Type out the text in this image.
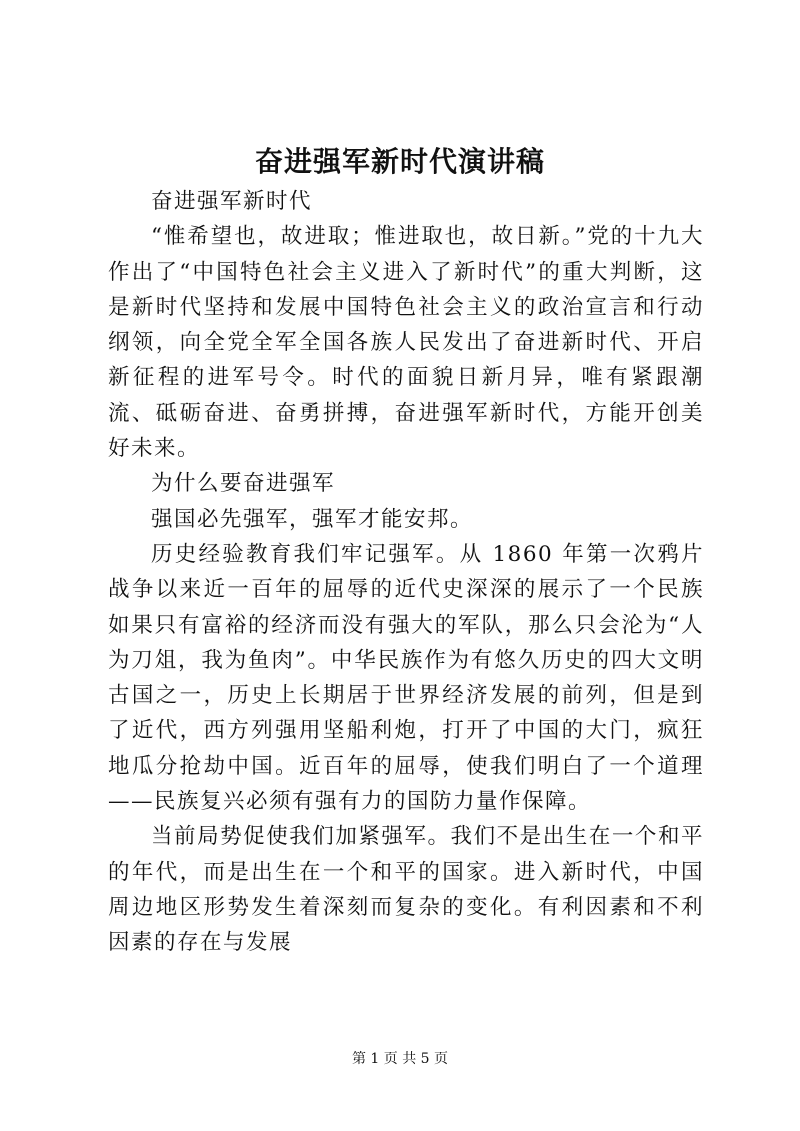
奋进强军新时代演讲稿

奋进强军新时代

“惟希望也，故进取；惟进取也，故日新。”党的十九大作出了“中国特色社会主义进入了新时代”的重大判断，这是新时代坚持和发展中国特色社会主义的政治宣言和行动纲领，向全党全军全国各族人民发出了奋进新时代、开启新征程的进军号令。时代的面貌日新月异，唯有紧跟潮流、砥砺奋进、奋勇拼搏，奋进强军新时代，方能开创美好未来。

为什么要奋进强军

强国必先强军，强军才能安邦。

历史经验教育我们牢记强军。从 1860 年第一次鸦片战争以来近一百年的屈辱的近代史深深的展示了一个民族如果只有富裕的经济而没有强大的军队，那么只会沦为“人为刀俎，我为鱼肉”。中华民族作为有悠久历史的四大文明古国之一，历史上长期居于世界经济发展的前列，但是到了近代，西方列强用坚船利炮，打开了中国的大门，疯狂地瓜分抢劫中国。近百年的屈辱，使我们明白了一个道理——民族复兴必须有强有力的国防力量作保障。

当前局势促使我们加紧强军。我们不是出生在一个和平的年代，而是出生在一个和平的国家。进入新时代，中国周边地区形势发生着深刻而复杂的变化。有利因素和不利因素的存在与发展

第 1 页 共 5 页
